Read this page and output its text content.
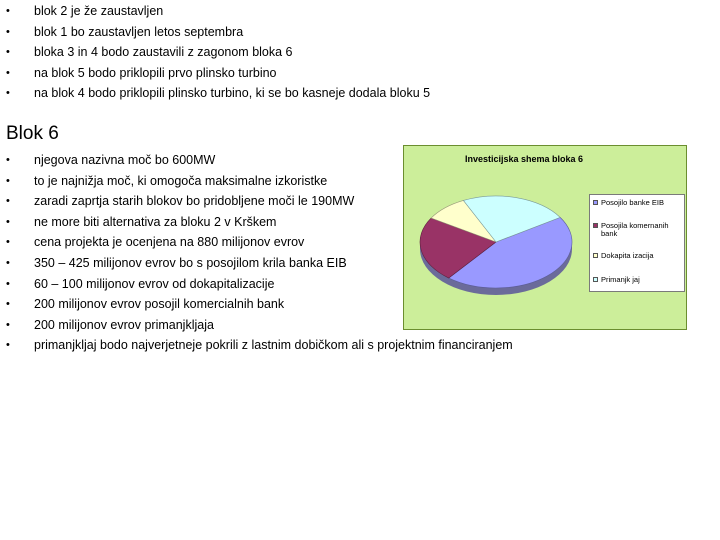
• blok 2 je že zaustavljen
• blok 1 bo zaustavljen letos septembra
• bloka 3 in 4 bodo zaustavili z zagonom bloka 6
• na blok 5 bodo priklopili prvo plinsko turbino
• na blok 4 bodo priklopili plinsko turbino, ki se bo kasneje dodala bloku 5
Blok 6
• njegova nazivna moč bo 600MW
• to je najnižja moč, ki omogoča maksimalne izkoristke
• zaradi zaprtja starih blokov bo pridobljene moči le 190MW
• ne more biti alternativa za bloku 2 v Krškem
• cena projekta je ocenjena na 880 milijonov evrov
• 350 – 425 milijonov evrov bo s posojilom krila banka EIB
• 60 – 100 milijonov evrov od dokapitalizacije
• 200 milijonov evrov posojil komercialnih bank
• 200 milijonov evrov primanjkljaja
• primanjkljaj bodo najverjetneje pokrili z lastnim dobičkom ali s projektnim financiranjem
Investicijska shema bloka 6
Posojilo banke EIB
Posojila komernanih bank
Dokapita izacija
Primanjk jaj
